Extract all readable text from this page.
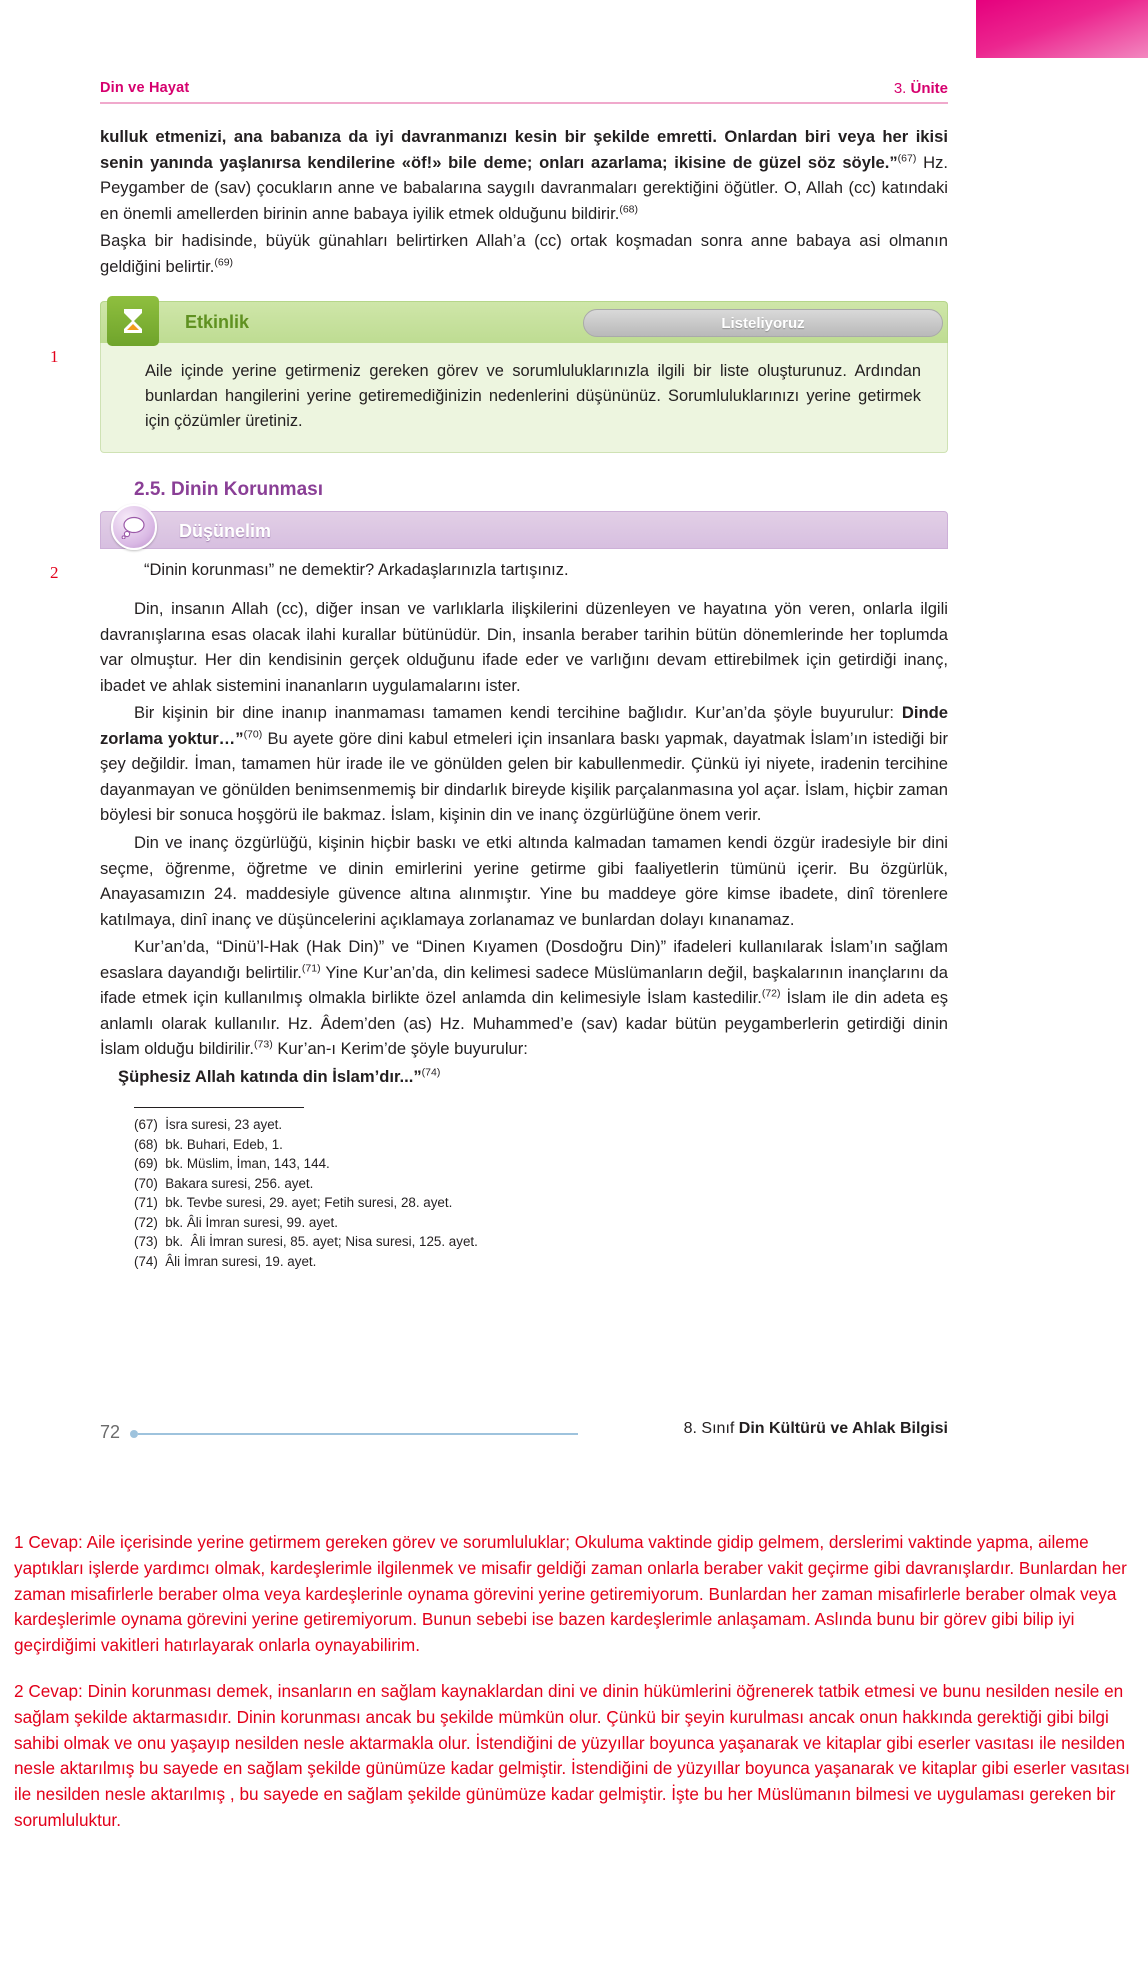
Din ve Hayat	3. Ünite

kulluk etmenizi, ana babanıza da iyi davranmanızı kesin bir şekilde emretti. Onlardan biri veya her ikisi senin yanında yaşlanırsa kendilerine «öf!» bile deme; onları azarlama; ikisine de güzel söz söyle.”$^{(67)}$ Hz. Peygamber de (sav) çocukların anne ve babalarına saygılı davranmaları gerektiğini öğütler. O, Allah (cc) katındaki en önemli amellerden birinin anne babaya iyilik etmek olduğunu bildirir.$^{(68)}$

Başka bir hadisinde, büyük günahları belirtirken Allah’a (cc) ortak koşmadan sonra anne babaya asi olmanın geldiğini belirtir.$^{(69)}$

1
Etkinlik	Listeliyoruz

Aile içinde yerine getirmeniz gereken görev ve sorumluluklarınızla ilgili bir liste oluşturunuz. Ardından bunlardan hangilerini yerine getiremediğinizin nedenlerini düşününüz. Sorumluluklarınızı yerine getirmek için çözümler üretiniz.

2.5. Dinin Korunması
2
Düşünelim
“Dinin korunması” ne demektir? Arkadaşlarınızla tartışınız.

Din, insanın Allah (cc), diğer insan ve varlıklarla ilişkilerini düzenleyen ve hayatına yön veren, onlarla ilgili davranışlarına esas olacak ilahi kurallar bütünüdür. Din, insanla beraber tarihin bütün dönemlerinde her toplumda var olmuştur. Her din kendisinin gerçek olduğunu ifade eder ve varlığını devam ettirebilmek için getirdiği inanç, ibadet ve ahlak sistemini inananların uygulamalarını ister.

Bir kişinin bir dine inanıp inanmaması tamamen kendi tercihine bağlıdır. Kur’an’da şöyle buyurulur: Dinde zorlama yoktur…”$^{(70)}$ Bu ayete göre dini kabul etmeleri için insanlara baskı yapmak, dayatmak İslam’ın istediği bir şey değildir. İman, tamamen hür irade ile ve gönülden gelen bir kabullenmedir. Çünkü iyi niyete, iradenin tercihine dayanmayan ve gönülden benimsenmemiş bir dindarlık bireyde kişilik parçalanmasına yol açar. İslam, hiçbir zaman böylesi bir sonuca hoşgörü ile bakmaz. İslam, kişinin din ve inanç özgürlüğüne önem verir.

Din ve inanç özgürlüğü, kişinin hiçbir baskı ve etki altında kalmadan tamamen kendi özgür iradesiyle bir dini seçme, öğrenme, öğretme ve dinin emirlerini yerine getirme gibi faaliyetlerin tümünü içerir. Bu özgürlük, Anayasamızın 24. maddesiyle güvence altına alınmıştır. Yine bu maddeye göre kimse ibadete, dinî törenlere katılmaya, dinî inanç ve düşüncelerini açıklamaya zorlanamaz ve bunlardan dolayı kınanamaz.

Kur’an’da, “Dinü’l-Hak (Hak Din)” ve “Dinen Kıyamen (Dosdoğru Din)” ifadeleri kullanılarak İslam’ın sağlam esaslara dayandığı belirtilir.$^{(71)}$ Yine Kur’an’da, din kelimesi sadece Müslümanların değil, başkalarının inançlarını da ifade etmek için kullanılmış olmakla birlikte özel anlamda din kelimesiyle İslam kastedilir.$^{(72)}$ İslam ile din adeta eş anlamlı olarak kullanılır. Hz. Âdem’den (as) Hz. Muhammed’e (sav) kadar bütün peygamberlerin getirdiği dinin İslam olduğu bildirilir.$^{(73)}$ Kur’an-ı Kerim’de şöyle buyurulur:

Şüphesiz Allah katında din İslam’dır...”$^{(74)}$

(67)  İsra suresi, 23 ayet.
(68)  bk. Buhari, Edeb, 1.
(69)  bk. Müslim, İman, 143, 144.
(70)  Bakara suresi, 256. ayet.
(71)  bk. Tevbe suresi, 29. ayet; Fetih suresi, 28. ayet.
(72)  bk. Âli İmran suresi, 99. ayet.
(73)  bk.  Âli İmran suresi, 85. ayet; Nisa suresi, 125. ayet.
(74)  Âli İmran suresi, 19. ayet.
72	8. Sınıf Din Kültürü ve Ahlak Bilgisi

1 Cevap: Aile içerisinde yerine getirmem gereken görev ve sorumluluklar; Okuluma vaktinde gidip gelmem, derslerimi vaktinde yapma, ailemе yaptıkları işlerde yardımcı olmak, kardeşlerimle ilgilenmek ve misafir geldiği zaman onlarla beraber vakit geçirme gibi davranışlardır. Bunlardan her zaman misafirlerle beraber olma veya kardeşlerinle oynama görevini yerine getiremiyorum. Bunlardan her zaman misafirlerle beraber olmak veya kardeşlerimle oynama görevini yerine getiremiyorum. Bunun sebebi ise bazen kardeşlerimle anlaşamam. Aslında bunu bir görev gibi bilip iyi geçirdiğimi vakitleri hatırlayarak onlarla oynayabilirim.

2 Cevap: Dinin korunması demek, insanların en sağlam kaynaklardan dini ve dinin hükümlerini öğrenerek tatbik etmesi ve bunu nesilden nesile en sağlam şekilde aktarmasıdır. Dinin korunması ancak bu şekilde mümkün olur. Çünkü bir şeyin kurulması ancak onun hakkında gerektiği gibi bilgi sahibi olmak ve onu yaşayıp nesilden nesle aktarmakla olur. İstendiğini de yüzyıllar boyunca yaşanarak ve kitaplar gibi eserler vasıtası ile nesilden nesle aktarılmış bu sayede en sağlam şekilde günümüze kadar gelmiştir. İstendiğini de yüzyıllar boyunca yaşanarak ve kitaplar gibi eserler vasıtası ile nesilden nesle aktarılmış , bu sayede en sağlam şekilde günümüze kadar gelmiştir. İşte bu her Müslümanın bilmesi ve uygulaması gereken bir sorumluluktur.
